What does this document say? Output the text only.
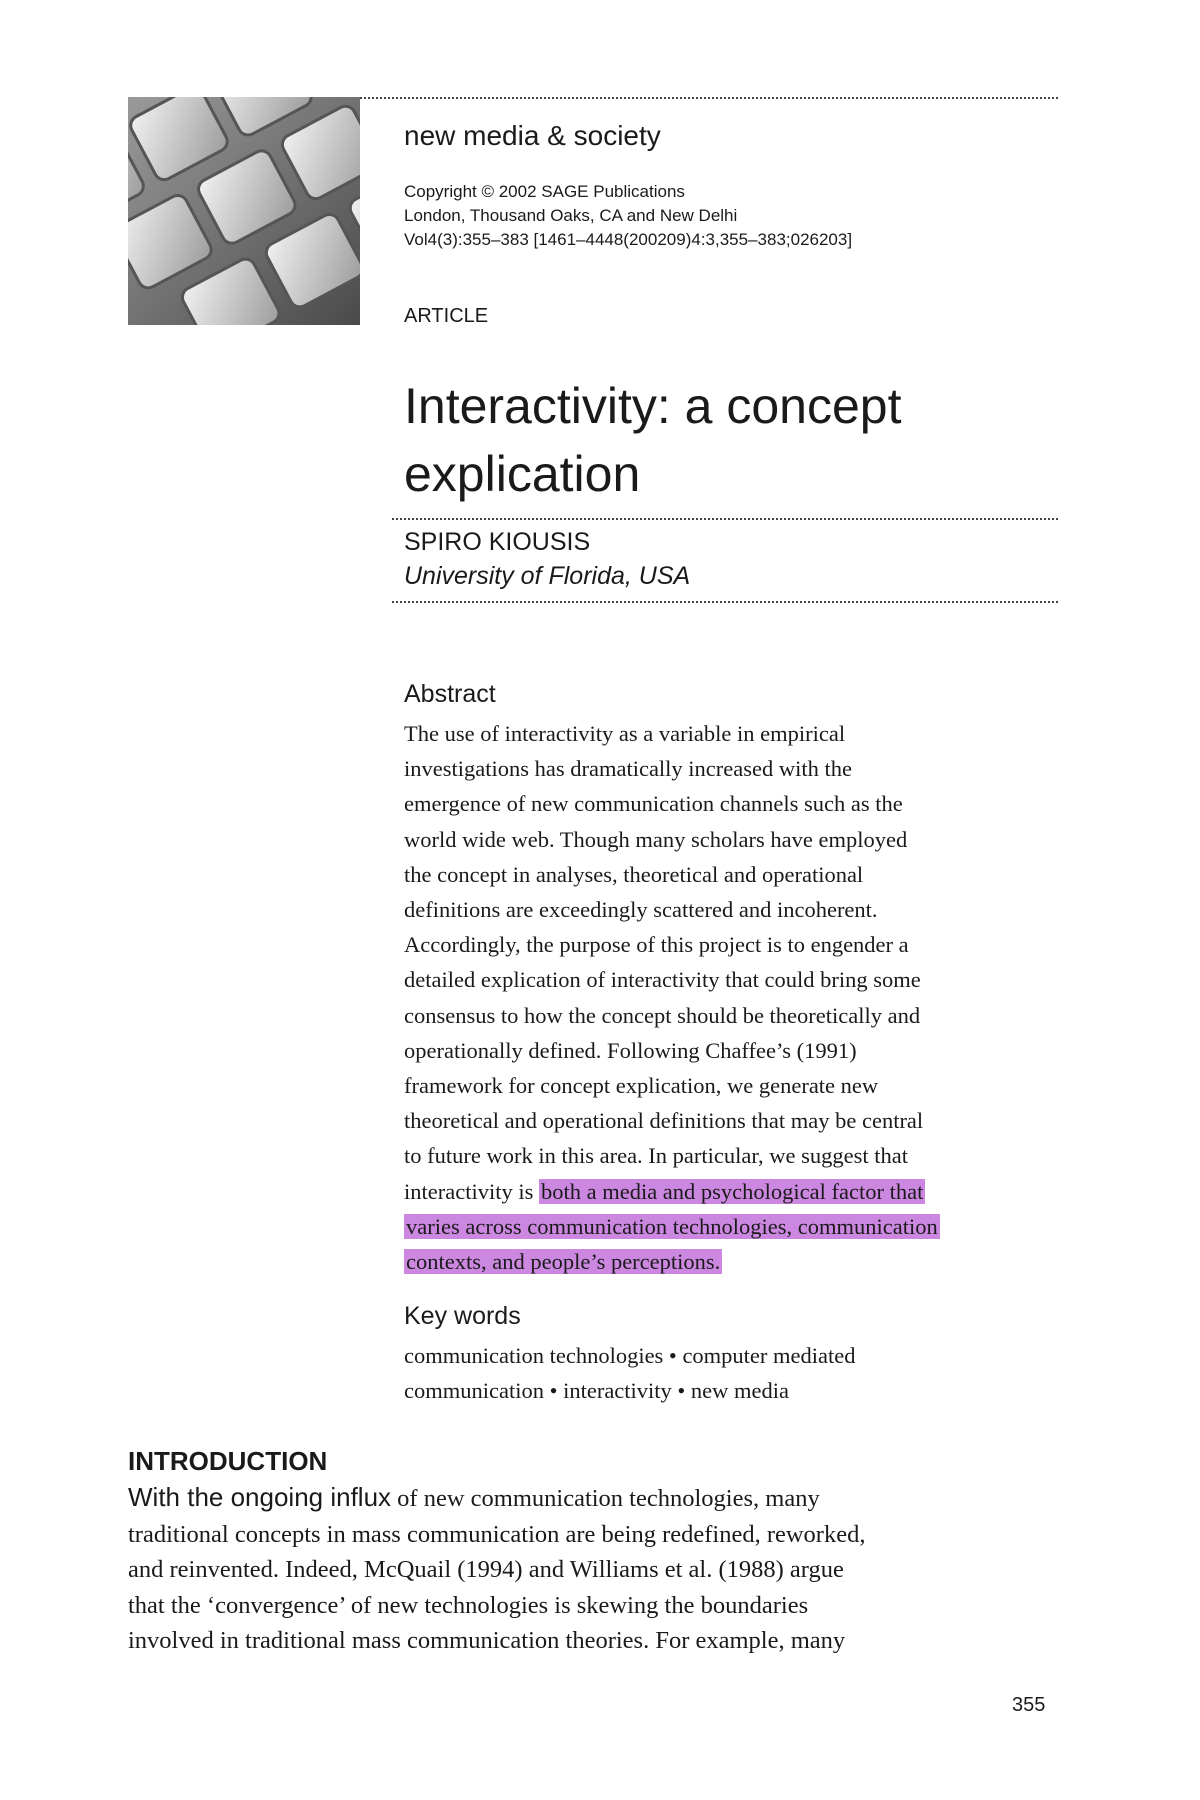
new media & society
Copyright © 2002 SAGE Publications
London, Thousand Oaks, CA and New Delhi
Vol4(3):355–383 [1461–4448(200209)4:3,355–383;026203]
ARTICLE
Interactivity: a concept
explication
SPIRO KIOUSIS
University of Florida, USA
Abstract
The use of interactivity as a variable in empirical
investigations has dramatically increased with the
emergence of new communication channels such as the
world wide web. Though many scholars have employed
the concept in analyses, theoretical and operational
definitions are exceedingly scattered and incoherent.
Accordingly, the purpose of this project is to engender a
detailed explication of interactivity that could bring some
consensus to how the concept should be theoretically and
operationally defined. Following Chaffee’s (1991)
framework for concept explication, we generate new
theoretical and operational definitions that may be central
to future work in this area. In particular, we suggest that
interactivity is both a media and psychological factor that
varies across communication technologies, communication
contexts, and people’s perceptions.
Key words
communication technologies • computer mediated
communication • interactivity • new media
INTRODUCTION
With the ongoing influx of new communication technologies, many
traditional concepts in mass communication are being redefined, reworked,
and reinvented. Indeed, McQuail (1994) and Williams et al. (1988) argue
that the ‘convergence’ of new technologies is skewing the boundaries
involved in traditional mass communication theories. For example, many
355
